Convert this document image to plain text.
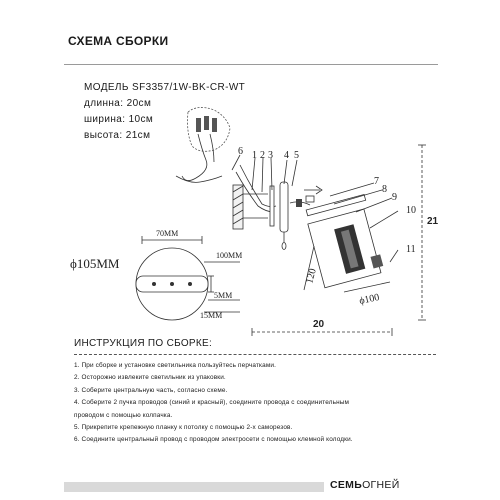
СХЕМА СБОРКИ
МОДЕЛЬ SF3357/1W-BK-CR-WT
длинна: 20см
ширина: 10см
высота: 21см
6 1 2 3 4 5
7
8
9
10
11
21
20
120
ϕ100
ϕ105MM
70MM
100MM
5MM
15MM
ИНСТРУКЦИЯ ПО СБОРКЕ:
1. При сборке и установке светильника пользуйтесь перчатками.
2. Осторожно извлеките светильник из упаковки.
3. Соберите центральную часть, согласно схеме.
4. Соберите 2 пучка проводов (синий и красный), соедините провода с соединительным
проводом с помощью колпачка.
5. Прикрепите крепежную планку к потолку с помощью 2-х саморезов.
6. Соедините центральный провод с проводом электросети с помощью клемной колодки.
СЕМЬОГНЕЙ
